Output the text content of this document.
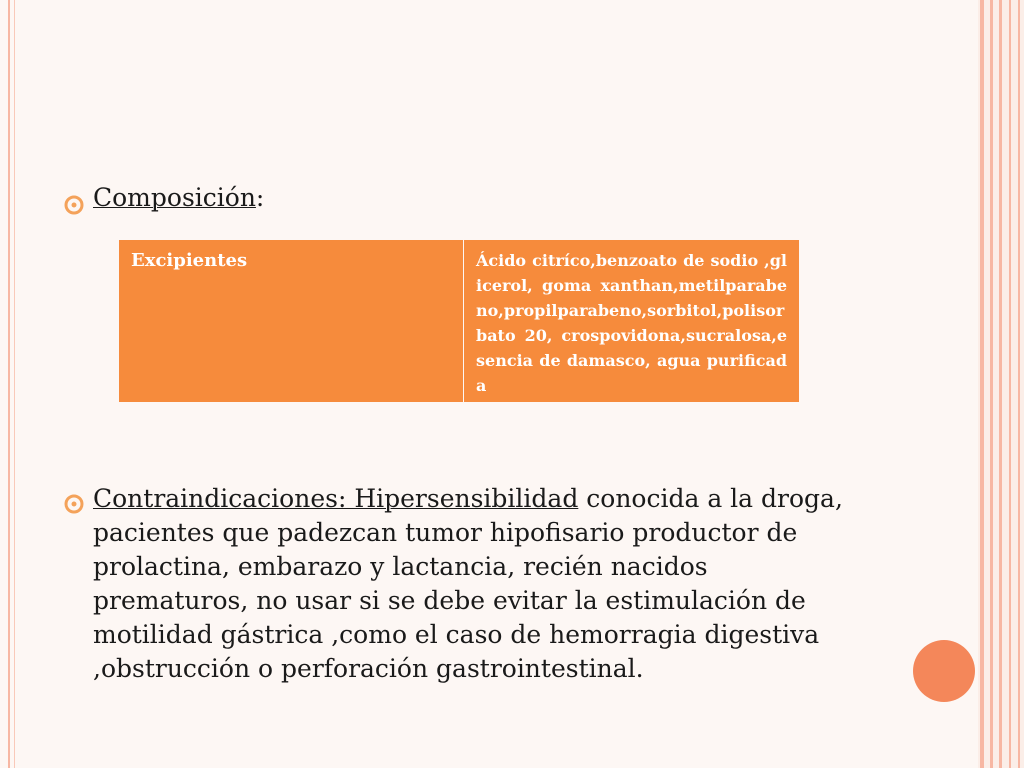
Composición:
Excipientes	Ácido citríco,benzoato de sodio ,glicerol, goma xanthan,metilparabeno,propilparabeno,sorbitol,polisorbato 20, crospovidona,sucralosa,esencia de damasco, agua purificada
Contraindicaciones: Hipersensibilidad conocida a la droga, pacientes que padezcan tumor hipofisario productor de prolactina, embarazo y lactancia, recién nacidos prematuros, no usar si se debe evitar la estimulación de motilidad gástrica ,como el caso de hemorragia digestiva ,obstrucción o perforación gastrointestinal.
